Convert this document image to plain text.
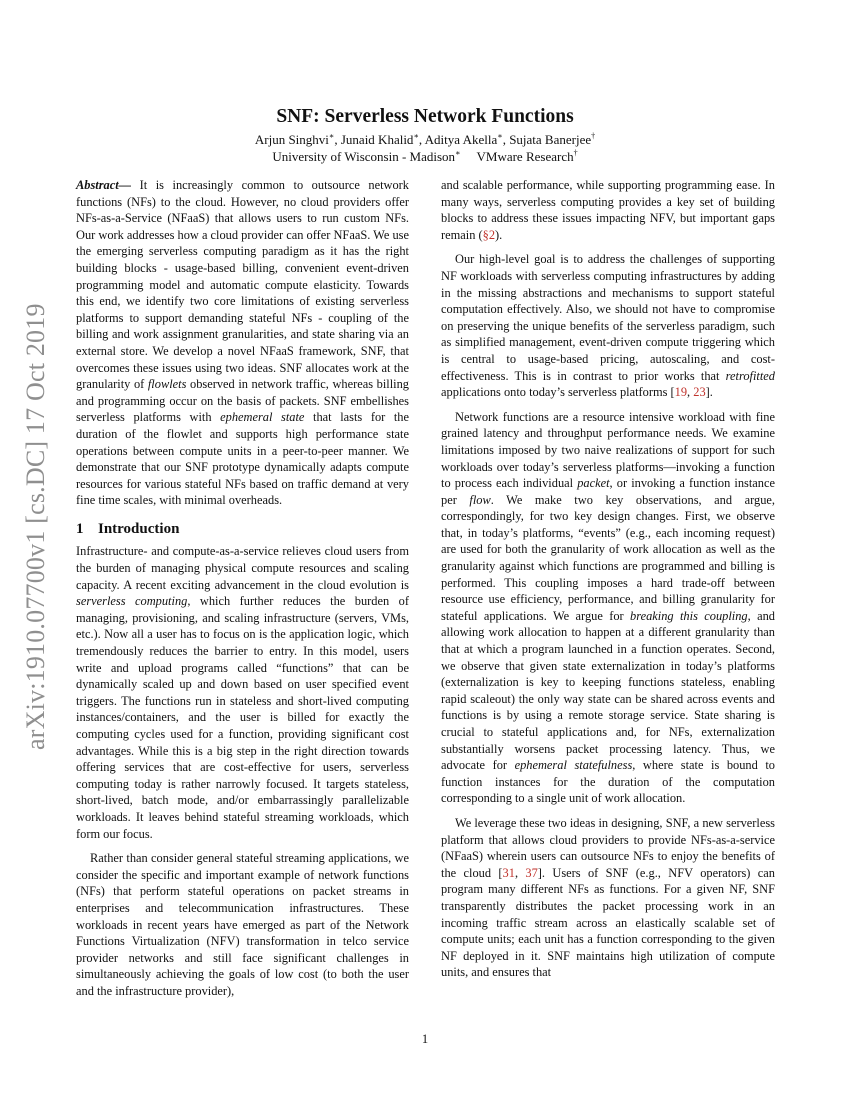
arXiv:1910.07700v1 [cs.DC] 17 Oct 2019
SNF: Serverless Network Functions
Arjun Singhvi∗, Junaid Khalid∗, Aditya Akella∗, Sujata Banerjee†
University of Wisconsin - Madison∗ VMware Research†

Abstract— It is increasingly common to outsource network functions (NFs) to the cloud. However, no cloud providers offer NFs-as-a-Service (NFaaS) that allows users to run custom NFs. Our work addresses how a cloud provider can offer NFaaS. We use the emerging serverless computing paradigm as it has the right building blocks - usage-based billing, convenient event-driven programming model and automatic compute elasticity. Towards this end, we identify two core limitations of existing serverless platforms to support demanding stateful NFs - coupling of the billing and work assignment granularities, and state sharing via an external store. We develop a novel NFaaS framework, SNF, that overcomes these issues using two ideas. SNF allocates work at the granularity of flowlets observed in network traffic, whereas billing and programming occur on the basis of packets. SNF embellishes serverless platforms with ephemeral state that lasts for the duration of the flowlet and supports high performance state operations between compute units in a peer-to-peer manner. We demonstrate that our SNF prototype dynamically adapts compute resources for various stateful NFs based on traffic demand at very fine time scales, with minimal overheads.

1 Introduction

Infrastructure- and compute-as-a-service relieves cloud users from the burden of managing physical compute resources and scaling capacity. A recent exciting advancement in the cloud evolution is serverless computing, which further reduces the burden of managing, provisioning, and scaling infrastructure (servers, VMs, etc.). Now all a user has to focus on is the application logic, which tremendously reduces the barrier to entry. In this model, users write and upload programs called “functions” that can be dynamically scaled up and down based on user specified event triggers. The functions run in stateless and short-lived computing instances/containers, and the user is billed for exactly the computing cycles used for a function, providing significant cost advantages. While this is a big step in the right direction towards offering services that are cost-effective for users, serverless computing today is rather narrowly focused. It targets stateless, short-lived, batch mode, and/or embarrassingly parallelizable workloads. It leaves behind stateful streaming workloads, which form our focus.

Rather than consider general stateful streaming applications, we consider the specific and important example of network functions (NFs) that perform stateful operations on packet streams in enterprises and telecommunication infrastructures. These workloads in recent years have emerged as part of the Network Functions Virtualization (NFV) transformation in telco service provider networks and still face significant challenges in simultaneously achieving the goals of low cost (to both the user and the infrastructure provider),

and scalable performance, while supporting programming ease. In many ways, serverless computing provides a key set of building blocks to address these issues impacting NFV, but important gaps remain (§2).

Our high-level goal is to address the challenges of supporting NF workloads with serverless computing infrastructures by adding in the missing abstractions and mechanisms to support stateful computation effectively. Also, we should not have to compromise on preserving the unique benefits of the serverless paradigm, such as simplified management, event-driven compute triggering which is central to usage-based pricing, autoscaling, and cost-effectiveness. This is in contrast to prior works that retrofitted applications onto today’s serverless platforms [19, 23].

Network functions are a resource intensive workload with fine grained latency and throughput performance needs. We examine limitations imposed by two naive realizations of support for such workloads over today’s serverless platforms—invoking a function to process each individual packet, or invoking a function instance per flow. We make two key observations, and argue, correspondingly, for two key design changes. First, we observe that, in today’s platforms, “events” (e.g., each incoming request) are used for both the granularity of work allocation as well as the granularity against which functions are programmed and billing is performed. This coupling imposes a hard trade-off between resource use efficiency, performance, and billing granularity for stateful applications. We argue for breaking this coupling, and allowing work allocation to happen at a different granularity than that at which a program launched in a function operates. Second, we observe that given state externalization in today’s platforms (externalization is key to keeping functions stateless, enabling rapid scaleout) the only way state can be shared across events and functions is by using a remote storage service. State sharing is crucial to stateful applications and, for NFs, externalization substantially worsens packet processing latency. Thus, we advocate for ephemeral statefulness, where state is bound to function instances for the duration of the computation corresponding to a single unit of work allocation.

We leverage these two ideas in designing, SNF, a new serverless platform that allows cloud providers to provide NFs-as-a-service (NFaaS) wherein users can outsource NFs to enjoy the benefits of the cloud [31, 37]. Users of SNF (e.g., NFV operators) can program many different NFs as functions. For a given NF, SNF transparently distributes the packet processing work in an incoming traffic stream across an elastically scalable set of compute units; each unit has a function corresponding to the given NF deployed in it. SNF maintains high utilization of compute units, and ensures that

1
